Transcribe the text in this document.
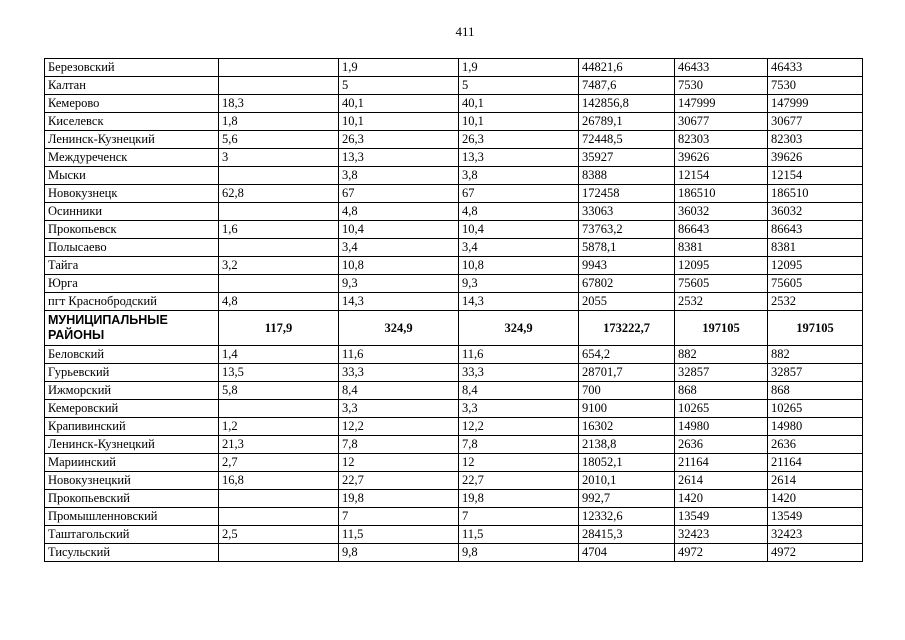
411
Березовский		1,9	1,9	44821,6	46433	46433
Калтан		5	5	7487,6	7530	7530
Кемерово	18,3	40,1	40,1	142856,8	147999	147999
Киселевск	1,8	10,1	10,1	26789,1	30677	30677
Ленинск-Кузнецкий	5,6	26,3	26,3	72448,5	82303	82303
Междуреченск	3	13,3	13,3	35927	39626	39626
Мыски		3,8	3,8	8388	12154	12154
Новокузнецк	62,8	67	67	172458	186510	186510
Осинники		4,8	4,8	33063	36032	36032
Прокопьевск	1,6	10,4	10,4	73763,2	86643	86643
Полысаево		3,4	3,4	5878,1	8381	8381
Тайга	3,2	10,8	10,8	9943	12095	12095
Юрга		9,3	9,3	67802	75605	75605
пгт Краснобродский	4,8	14,3	14,3	2055	2532	2532
МУНИЦИПАЛЬНЫЕ РАЙОНЫ	117,9	324,9	324,9	173222,7	197105	197105
Беловский	1,4	11,6	11,6	654,2	882	882
Гурьевский	13,5	33,3	33,3	28701,7	32857	32857
Ижморский	5,8	8,4	8,4	700	868	868
Кемеровский		3,3	3,3	9100	10265	10265
Крапивинский	1,2	12,2	12,2	16302	14980	14980
Ленинск-Кузнецкий	21,3	7,8	7,8	2138,8	2636	2636
Мариинский	2,7	12	12	18052,1	21164	21164
Новокузнецкий	16,8	22,7	22,7	2010,1	2614	2614
Прокопьевский		19,8	19,8	992,7	1420	1420
Промышленновский		7	7	12332,6	13549	13549
Таштагольский	2,5	11,5	11,5	28415,3	32423	32423
Тисульский		9,8	9,8	4704	4972	4972
